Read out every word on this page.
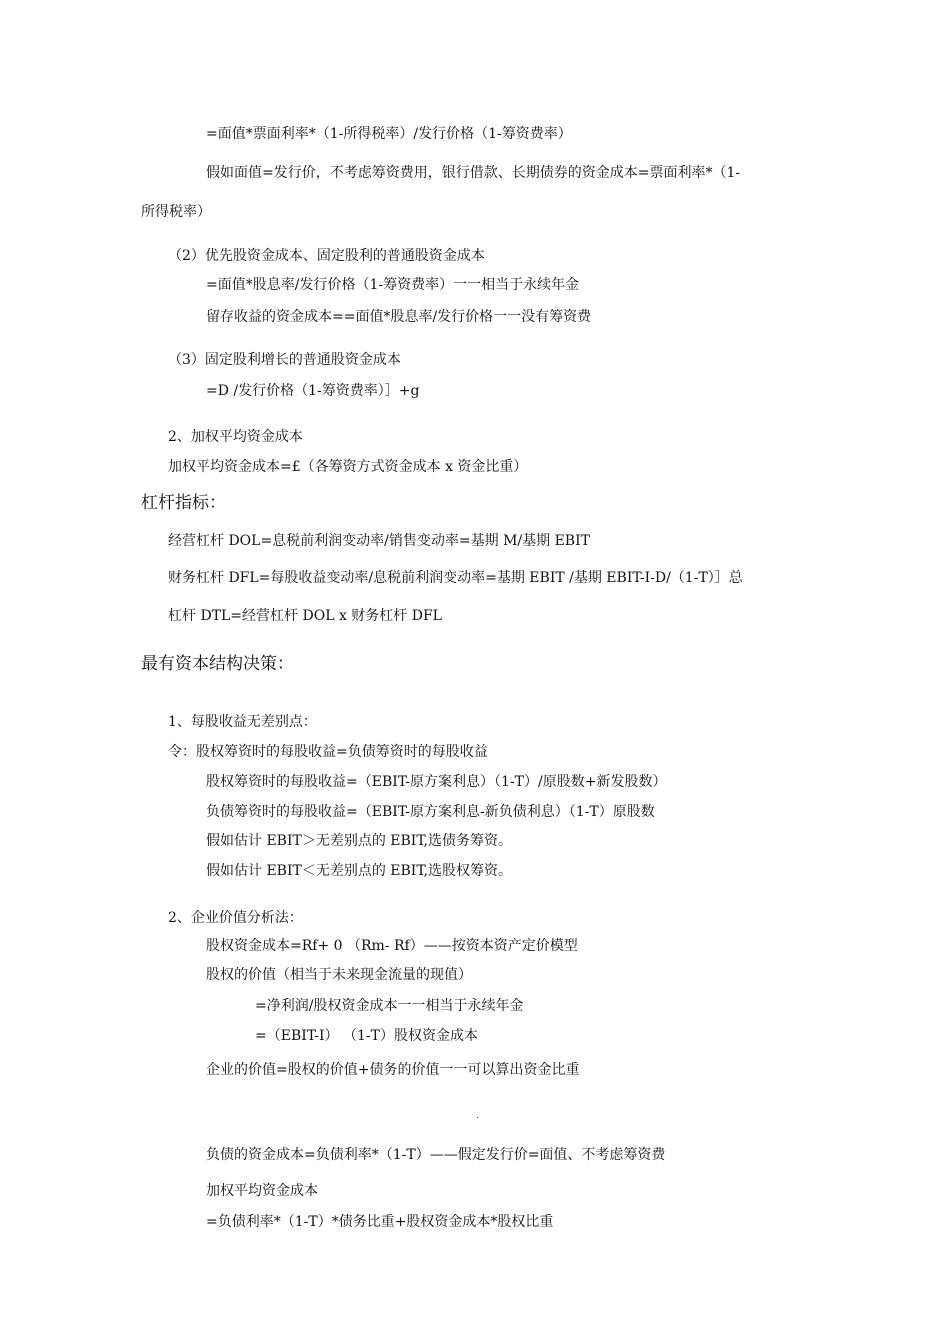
=面值*票面利率*（1-所得税率）/发行价格（1-筹资费率）
假如面值=发行价，不考虑筹资费用，银行借款、长期债券的资金成本=票面利率*（1-
所得税率）
（2）优先股资金成本、固定股利的普通股资金成本
=面值*股息率/发行价格（1-筹资费率）一一相当于永续年金
留存收益的资金成本==面值*股息率/发行价格一一没有筹资费
（3）固定股利增长的普通股资金成本
=D /发行价格（1-筹资费率）］+g
2、加权平均资金成本
加权平均资金成本=£（各筹资方式资金成本 x 资金比重）
杠杆指标：
经营杠杆 DOL=息税前利润变动率/销售变动率=基期 M/基期 EBIT
财务杠杆 DFL=每股收益变动率/息税前利润变动率=基期 EBIT /基期 EBIT-I-D/（1-T）］总
杠杆 DTL=经营杠杆 DOL x 财务杠杆 DFL
最有资本结构决策：
1、每股收益无差别点：
令：股权筹资时的每股收益=负债筹资时的每股收益
股权筹资时的每股收益=（EBIT-原方案利息）（1-T）/原股数+新发股数）
负债筹资时的每股收益=（EBIT-原方案利息-新负债利息）（1-T）原股数
假如估计 EBIT＞无差别点的 EBIT,选债务筹资。
假如估计 EBIT＜无差别点的 EBIT,选股权筹资。
2、企业价值分析法：
股权资金成本=Rf+ 0 （Rm- Rf）——按资本资产定价模型
股权的价值（相当于未来现金流量的现值）
=净利润/股权资金成本一一相当于永续年金
=（EBIT-I） （1-T）股权资金成本
企业的价值=股权的价值+债务的价值一一可以算出资金比重
.
负债的资金成本=负债利率*（1-T）——假定发行价=面值、不考虑筹资费
加权平均资金成本
=负债利率*（1-T）*债务比重+股权资金成本*股权比重
